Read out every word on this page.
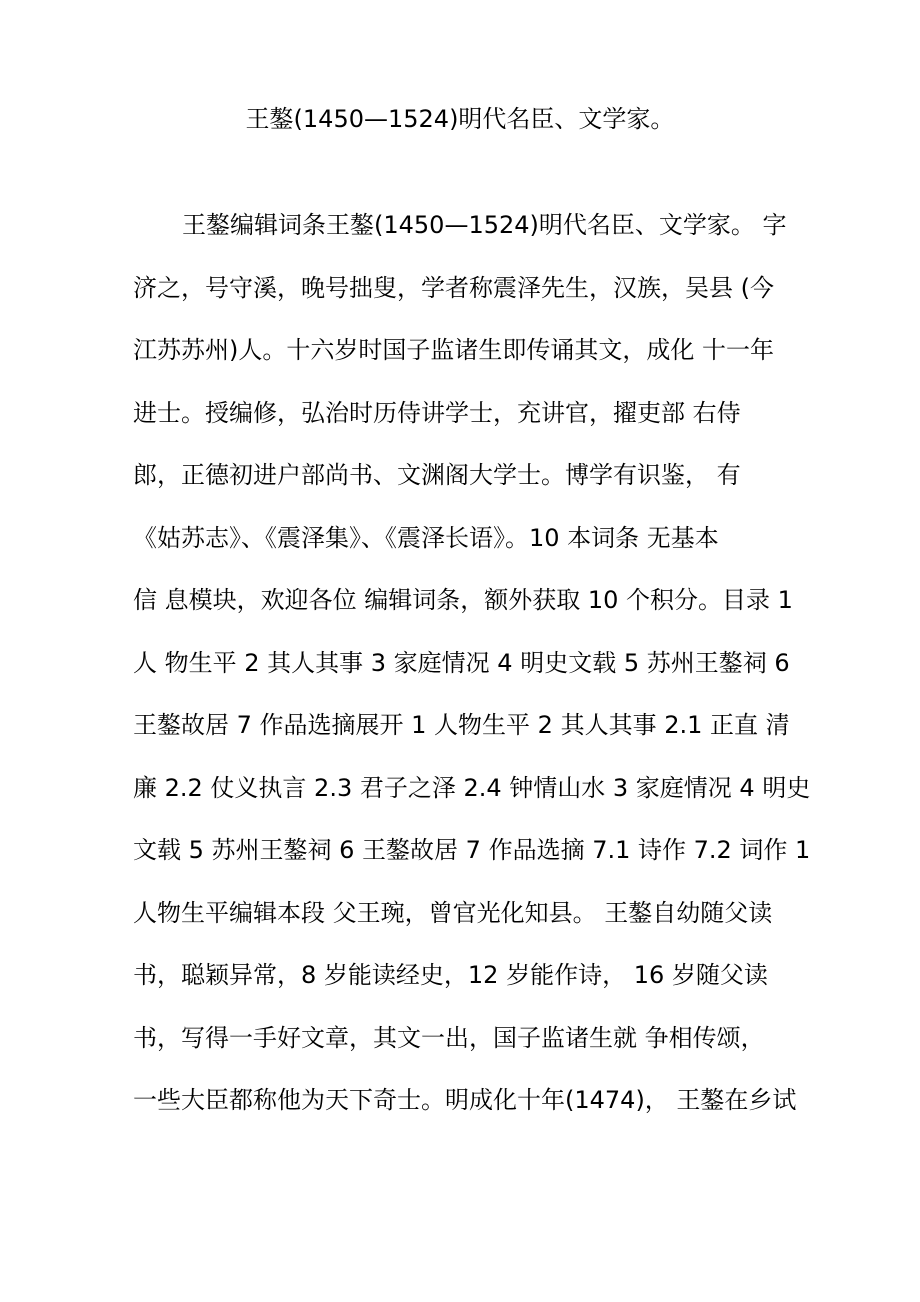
王鏊(1450—1524)明代名臣、文学家。
王鏊编辑词条王鏊(1450—1524)明代名臣、文学家。 字
济之，号守溪，晚号拙叟，学者称震泽先生，汉族，吴县 (今
江苏苏州)人。十六岁时国子监诸生即传诵其文，成化 十一年
进士。授编修，弘治时历侍讲学士，充讲官，擢吏部 右侍
郎，正德初进户部尚书、文渊阁大学士。博学有识鉴， 有
《姑苏志》、《震泽集》、《震泽长语》。10 本词条 无基本
信 息模块，欢迎各位 编辑词条，额外获取 10 个积分。目录 1
人 物生平 2 其人其事 3 家庭情况 4 明史文载 5 苏州王鏊祠 6
王鏊故居 7 作品选摘展开 1 人物生平 2 其人其事 2.1 正直 清
廉 2.2 仗义执言 2.3 君子之泽 2.4 钟情山水 3 家庭情况 4 明史
文载 5 苏州王鏊祠 6 王鏊故居 7 作品选摘 7.1 诗作 7.2 词作 1
人物生平编辑本段 父王琬，曾官光化知县。 王鏊自幼随父读
书，聪颖异常，8 岁能读经史，12 岁能作诗， 16 岁随父读
书，写得一手好文章，其文一出，国子监诸生就 争相传颂，
一些大臣都称他为天下奇士。明成化十年(1474)， 王鏊在乡试
